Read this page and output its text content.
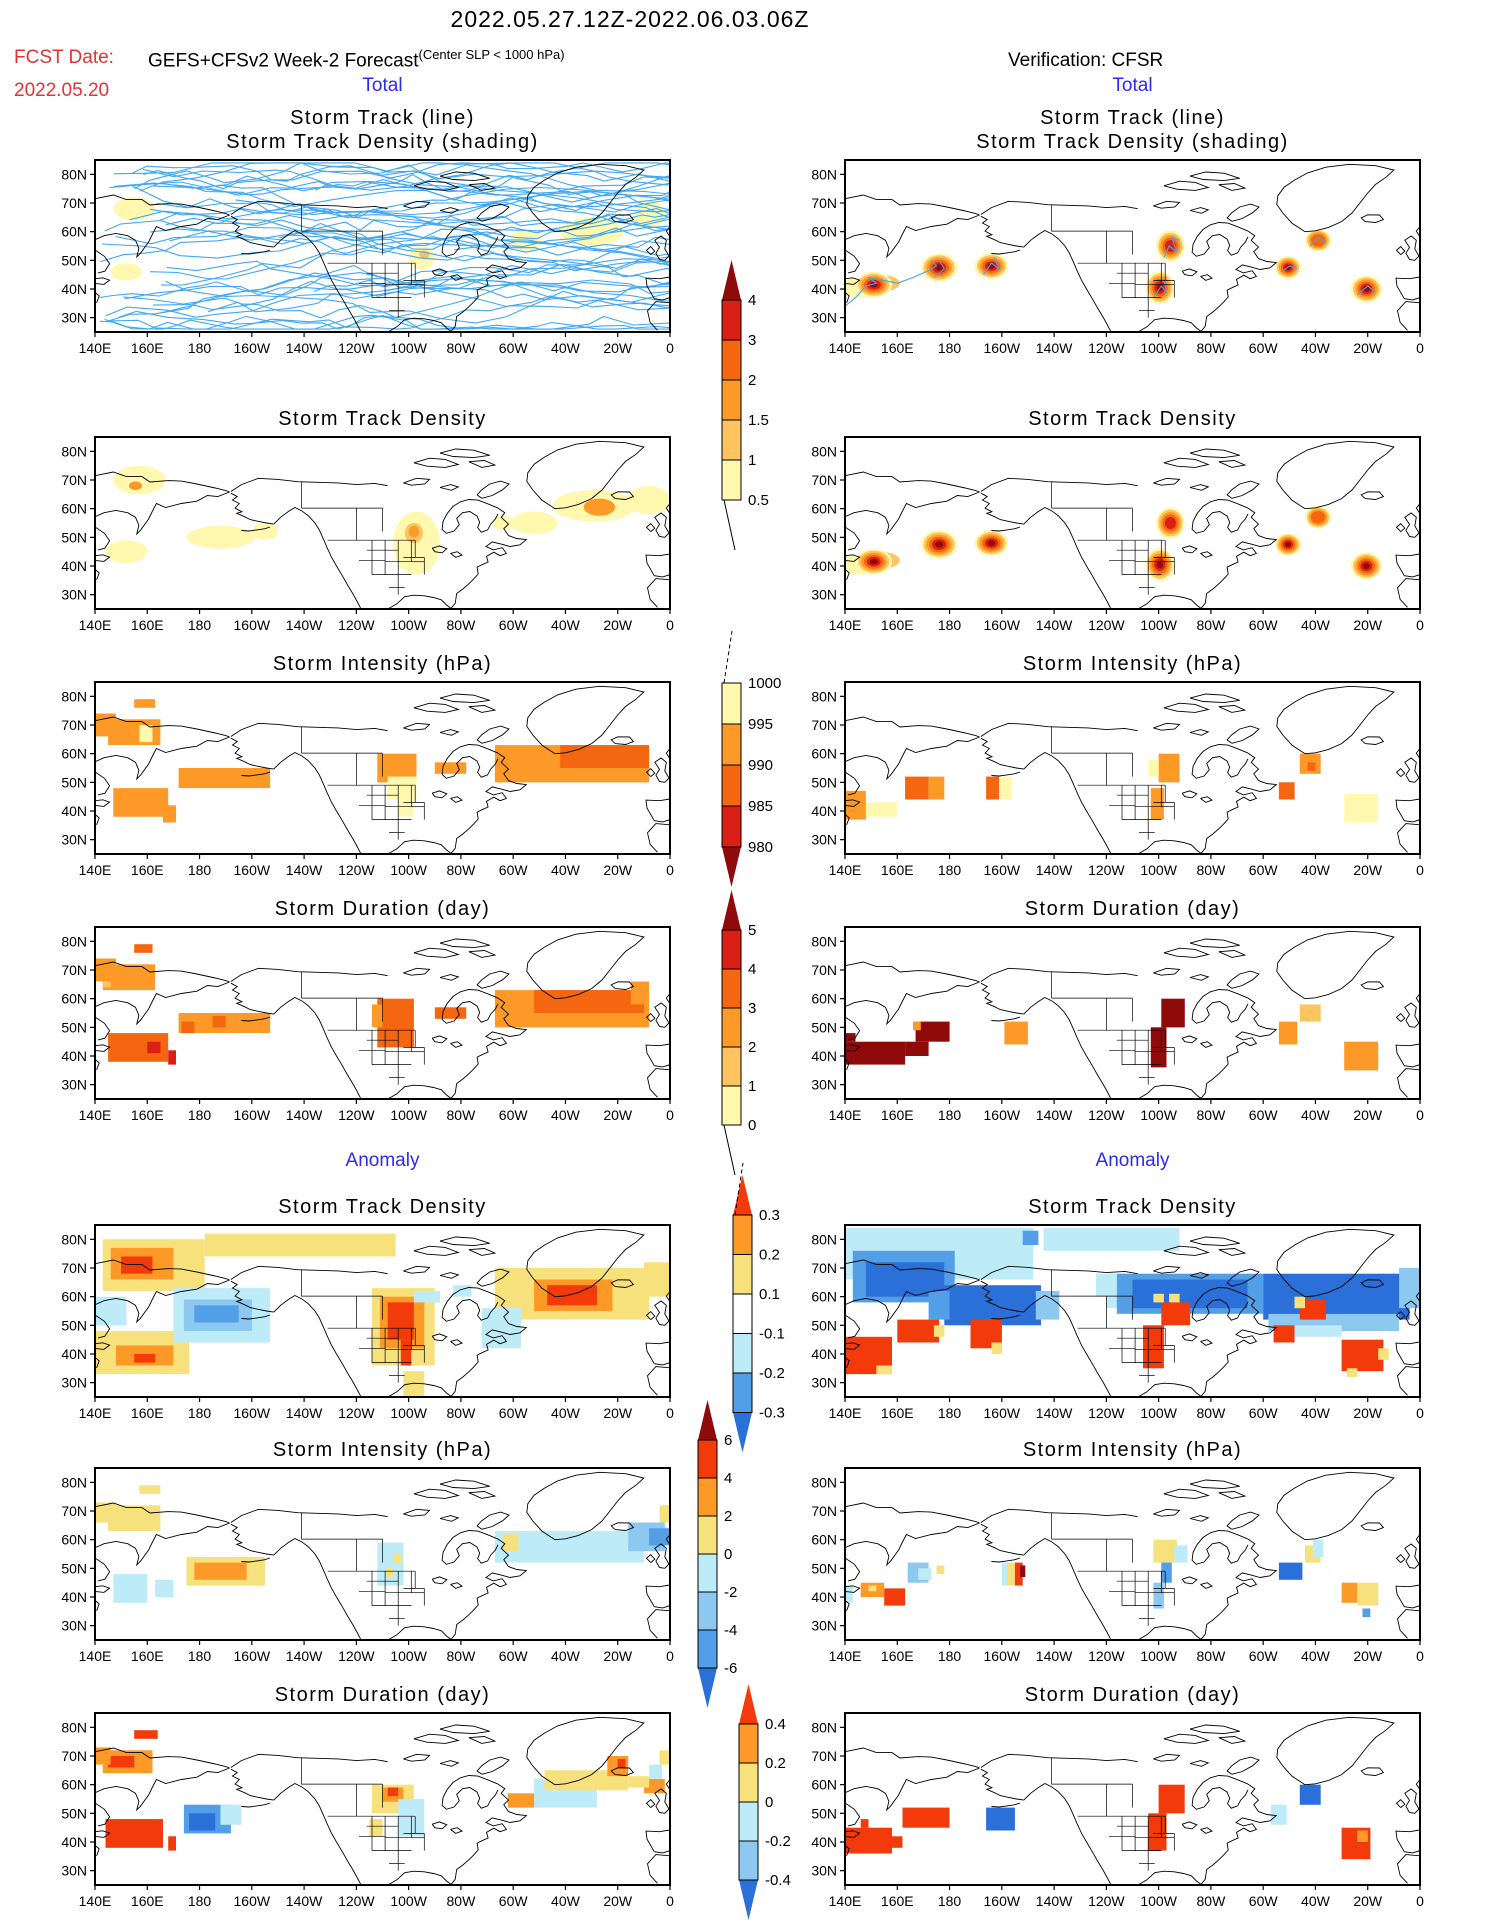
2022.05.27.12Z-2022.06.03.06Z
FCST Date: GEFS+CFSv2 Week-2 Forecast$^{(Center SLP < 1000 hPa)}$	Verification: CFSR
2022.05.20	Total	Total
Anomaly	Anomaly
140E 160E 180 160W 140W 120W 100W 80W 60W 40W 20W 0
80N
70N
60N
50N
40N
30N
Storm Track (line)
Storm Track Density (shading)
140E 160E 180 160W 140W 120W 100W 80W 60W 40W 20W 0
80N
70N
60N
50N
40N
30N
Storm Track (line)
Storm Track Density (shading)
140E 160E 180 160W 140W 120W 100W 80W 60W 40W 20W 0
80N
70N
60N
50N
40N
30N
Storm Track Density
140E 160E 180 160W 140W 120W 100W 80W 60W 40W 20W 0
80N
70N
60N
50N
40N
30N
Storm Track Density
140E 160E 180 160W 140W 120W 100W 80W 60W 40W 20W 0
80N
70N
60N
50N
40N
30N
Storm Intensity (hPa)
140E 160E 180 160W 140W 120W 100W 80W 60W 40W 20W 0
80N
70N
60N
50N
40N
30N
Storm Intensity (hPa)
140E 160E 180 160W 140W 120W 100W 80W 60W 40W 20W 0
80N
70N
60N
50N
40N
30N
Storm Duration (day)
140E 160E 180 160W 140W 120W 100W 80W 60W 40W 20W 0
80N
70N
60N
50N
40N
30N
Storm Duration (day)
140E 160E 180 160W 140W 120W 100W 80W 60W 40W 20W 0
80N
70N
60N
50N
40N
30N
Storm Track Density
140E 160E 180 160W 140W 120W 100W 80W 60W 40W 20W 0
80N
70N
60N
50N
40N
30N
Storm Track Density
140E 160E 180 160W 140W 120W 100W 80W 60W 40W 20W 0
80N
70N
60N
50N
40N
30N
Storm Intensity (hPa)
140E 160E 180 160W 140W 120W 100W 80W 60W 40W 20W 0
80N
70N
60N
50N
40N
30N
Storm Intensity (hPa)
140E 160E 180 160W 140W 120W 100W 80W 60W 40W 20W 0
80N
70N
60N
50N
40N
30N
Storm Duration (day)
140E 160E 180 160W 140W 120W 100W 80W 60W 40W 20W 0
80N
70N
60N
50N
40N
30N
Storm Duration (day)
4
3
2
1.5
1
0.5
1000
995
990
985
980
5
4
3
2
1
0
0.3
0.2
0.1
-0.1
-0.2
-0.3
6
4
2
0
-2
-4
-6
0.4
0.2
0
-0.2
-0.4
